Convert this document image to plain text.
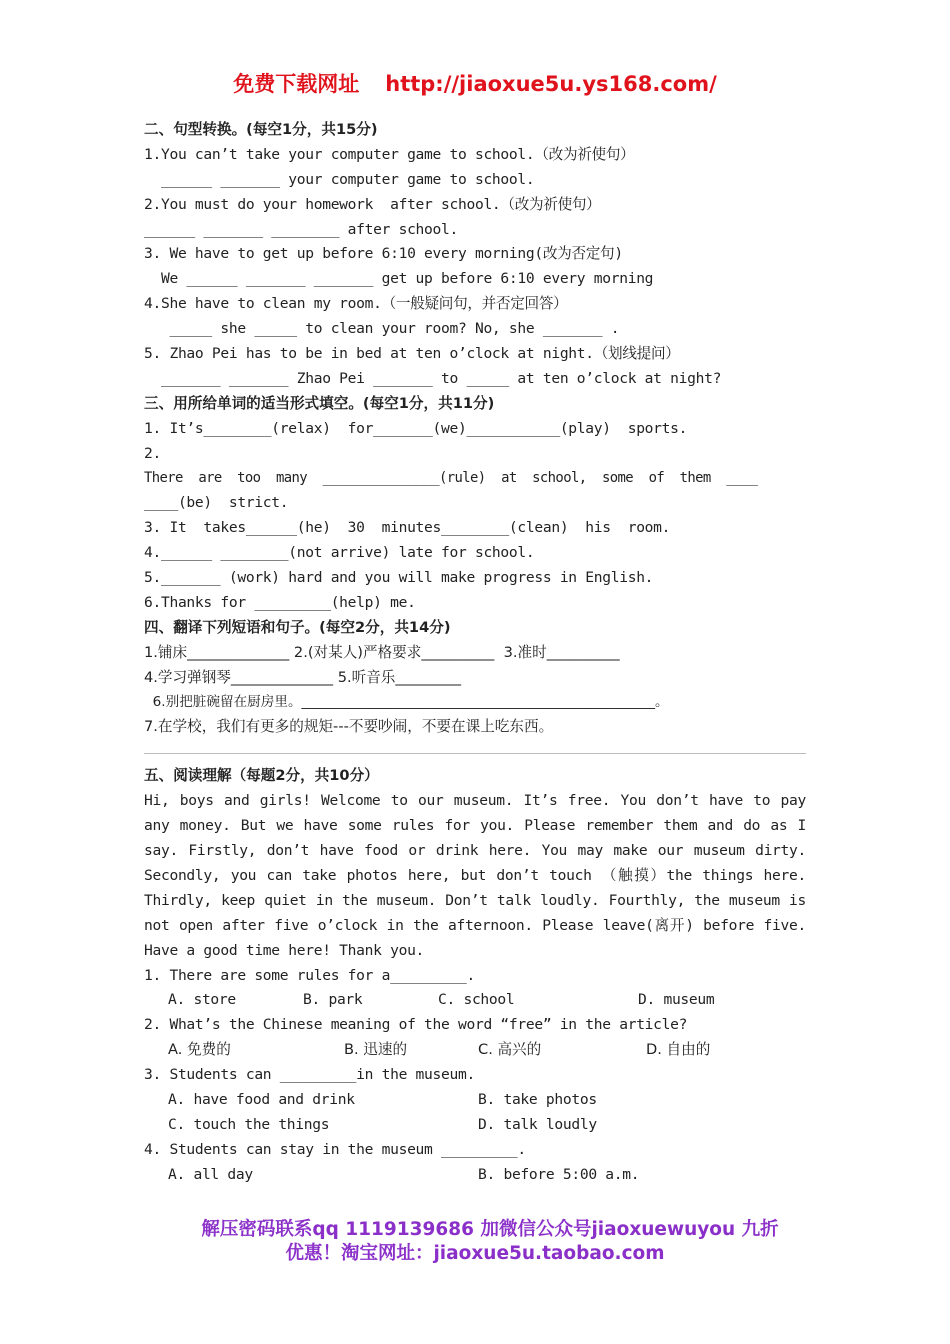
免费下载网址 http://jiaoxue5u.ys168.com/
二、句型转换。(每空1分，共15分)
1.You can’t take your computer game to school.（改为祈使句）
______ _______ your computer game to school.
2.You must do your homework  after school.（改为祈使句）
______ _______ ________ after school.
3. We have to get up before 6:10 every morning(改为否定句)
We ______ _______ _______ get up before 6:10 every morning
4.She have to clean my room.（一般疑问句，并否定回答）
_____ she _____ to clean your room? No, she _______ .
5. Zhao Pei has to be in bed at ten o’clock at night.（划线提问）
_______ _______ Zhao Pei _______ to _____ at ten o’clock at night?
三、用所给单词的适当形式填空。(每空1分，共11分)
1. It’s________(relax)  for_______(we)___________(play)  sports.
2.
There  are  too  many  _______________(rule)  at  school,  some  of  them  ____
____(be)  strict.
3. It  takes______(he)  30  minutes________(clean)  his  room.
4.______ ________(not arrive) late for school.
5._______ (work) hard and you will make progress in English.
6.Thanks for _________(help) me.
四、翻译下列短语和句子。(每空2分，共14分)
1.铺床______________ 2.(对某人)严格要求__________  3.准时__________
4.学习弹钢琴______________ 5.听音乐_________
6.别把脏碗留在厨房里。____________________________________________________。
7.在学校，我们有更多的规矩---不要吵闹，不要在课上吃东西。
五、阅读理解（每题2分，共10分）
Hi, boys and girls! Welcome to our museum. It’s free. You don’t have to pay any money. But we have some rules for you. Please remember them and do as I say. Firstly, don’t have food or drink here. You may make our museum dirty. Secondly, you can take photos here, but don’t touch （触摸）the things here. Thirdly, keep quiet in the museum. Don’t talk loudly. Fourthly, the museum is not open after five o’clock in the afternoon. Please leave(离开) before five. Have a good time here! Thank you.
1. There are some rules for a_________.
A. store	B. park	C. school	D. museum
2. What’s the Chinese meaning of the word “free” in the article?
A. 免费的	B. 迅速的	C. 高兴的	D. 自由的
3. Students can _________in the museum.
A. have food and drink	B. take photos
C. touch the things	D. talk loudly
4. Students can stay in the museum _________.
A. all day	B. before 5:00 a.m.
解压密码联系qq 1119139686 加微信公众号jiaoxuewuyou 九折
优惠！淘宝网址：jiaoxue5u.taobao.com
